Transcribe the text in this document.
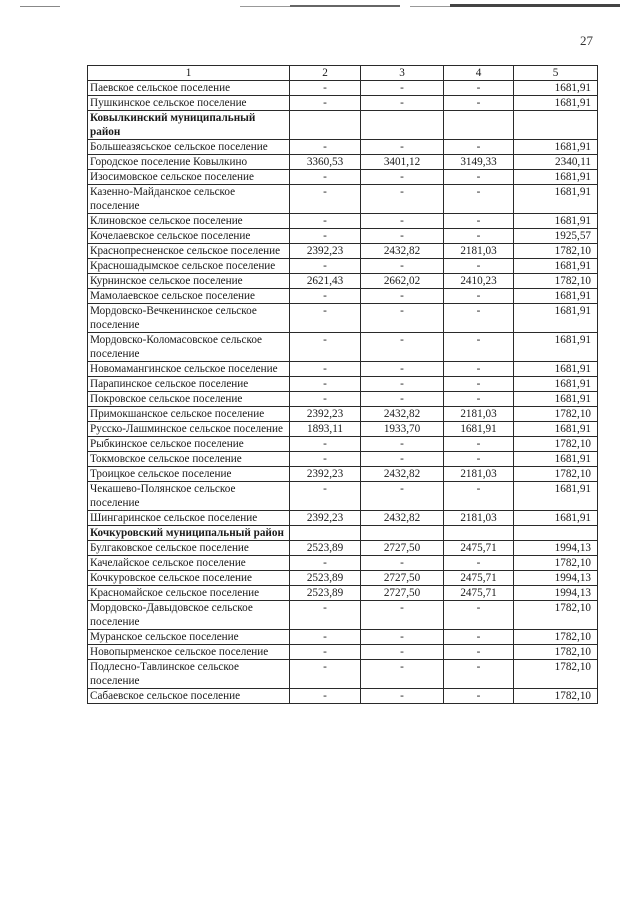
27
1	2	3	4	5
Паевское сельское поселение	-	-	-	1681,91
Пушкинское сельское поселение	-	-	-	1681,91
Ковылкинский муниципальный район				
Большеазясьское сельское поселение	-	-	-	1681,91
Городское поселение Ковылкино	3360,53	3401,12	3149,33	2340,11
Изосимовское сельское поселение	-	-	-	1681,91
Казенно-Майданское сельское поселение	-	-	-	1681,91
Клиновское сельское поселение	-	-	-	1681,91
Кочелаевское сельское поселение	-	-	-	1925,57
Краснопресненское сельское поселение	2392,23	2432,82	2181,03	1782,10
Красношадымское сельское поселение	-	-	-	1681,91
Курнинское сельское поселение	2621,43	2662,02	2410,23	1782,10
Мамолаевское сельское поселение	-	-	-	1681,91
Мордовско-Вечкенинское сельское поселение	-	-	-	1681,91
Мордовско-Коломасовское сельское поселение	-	-	-	1681,91
Новомамангинское сельское поселение	-	-	-	1681,91
Парапинское сельское поселение	-	-	-	1681,91
Покровское сельское поселение	-	-	-	1681,91
Примокшанское сельское поселение	2392,23	2432,82	2181,03	1782,10
Русско-Лашминское сельское поселение	1893,11	1933,70	1681,91	1681,91
Рыбкинское сельское поселение	-	-	-	1782,10
Токмовское сельское поселение	-	-	-	1681,91
Троицкое сельское поселение	2392,23	2432,82	2181,03	1782,10
Чекашево-Полянское сельское поселение	-	-	-	1681,91
Шингаринское сельское поселение	2392,23	2432,82	2181,03	1681,91
Кочкуровский муниципальный район				
Булгаковское сельское поселение	2523,89	2727,50	2475,71	1994,13
Качелайское сельское поселение	-	-	-	1782,10
Кочкуровское сельское поселение	2523,89	2727,50	2475,71	1994,13
Красномайское сельское поселение	2523,89	2727,50	2475,71	1994,13
Мордовско-Давыдовское сельское поселение	-	-	-	1782,10
Муранское сельское поселение	-	-	-	1782,10
Новопырменское сельское поселение	-	-	-	1782,10
Подлесно-Тавлинское сельское поселение	-	-	-	1782,10
Сабаевское сельское поселение	-	-	-	1782,10
